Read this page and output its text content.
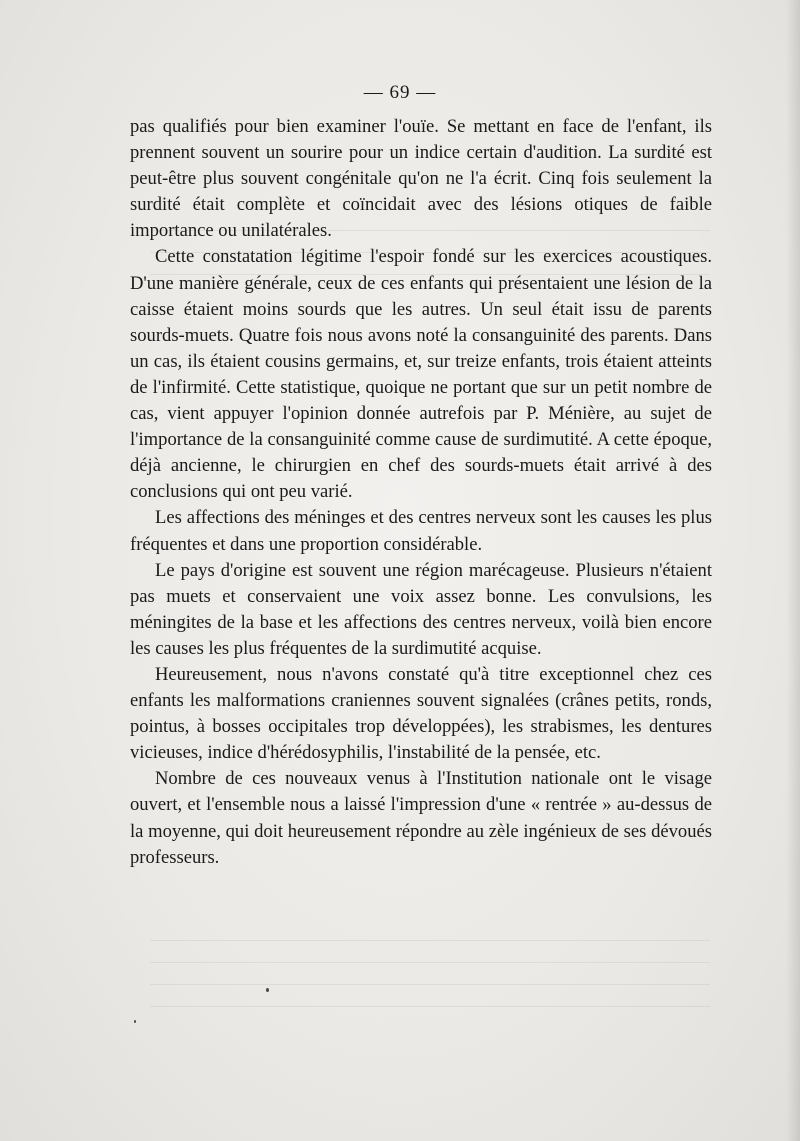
— 69 —

pas qualifiés pour bien examiner l'ouïe. Se mettant en face de l'enfant, ils prennent souvent un sourire pour un indice certain d'audition. La surdité est peut-être plus souvent congénitale qu'on ne l'a écrit. Cinq fois seulement la surdité était complète et coïncidait avec des lésions otiques de faible importance ou unilatérales.

Cette constatation légitime l'espoir fondé sur les exercices acoustiques. D'une manière générale, ceux de ces enfants qui présentaient une lésion de la caisse étaient moins sourds que les autres. Un seul était issu de parents sourds-muets. Quatre fois nous avons noté la consanguinité des parents. Dans un cas, ils étaient cousins germains, et, sur treize enfants, trois étaient atteints de l'infirmité. Cette statistique, quoique ne portant que sur un petit nombre de cas, vient appuyer l'opinion donnée autrefois par P. Ménière, au sujet de l'importance de la consanguinité comme cause de surdimutité. A cette époque, déjà ancienne, le chirurgien en chef des sourds-muets était arrivé à des conclusions qui ont peu varié.

Les affections des méninges et des centres nerveux sont les causes les plus fréquentes et dans une proportion considérable.

Le pays d'origine est souvent une région marécageuse. Plusieurs n'étaient pas muets et conservaient une voix assez bonne. Les convulsions, les méningites de la base et les affections des centres nerveux, voilà bien encore les causes les plus fréquentes de la surdimutité acquise.

Heureusement, nous n'avons constaté qu'à titre exceptionnel chez ces enfants les malformations craniennes souvent signalées (crânes petits, ronds, pointus, à bosses occipitales trop développées), les strabismes, les dentures vicieuses, indice d'hérédosyphilis, l'instabilité de la pensée, etc.

Nombre de ces nouveaux venus à l'Institution nationale ont le visage ouvert, et l'ensemble nous a laissé l'impression d'une « rentrée » au-dessus de la moyenne, qui doit heureusement répondre au zèle ingénieux de ses dévoués professeurs.
